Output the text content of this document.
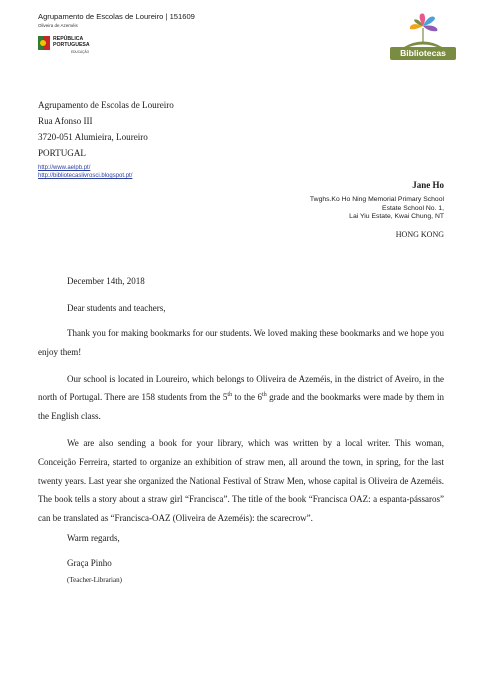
Agrupamento de Escolas de Loureiro | 151609
Oliveira de Azeméis
REPÚBLICA
PORTUGUESA
EDUCAÇÃO	Bibliotecas
Agrupamento de Escolas de Loureiro
Rua Afonso III
3720-051 Alumieira, Loureiro
PORTUGAL
http://www.aelpb.pt/
http://bibliotecaslivrosci.blogspot.pt/
Jane Ho
Twghs.Ko Ho Ning Memorial Primary School
Estate School No. 1,
Lai Yiu Estate, Kwai Chung, NT
HONG KONG
December 14th, 2018
Dear students and teachers,

Thank you for making bookmarks for our students. We loved making these bookmarks and we hope you enjoy them!

Our school is located in Loureiro, which belongs to Oliveira de Azeméis, in the district of Aveiro, in the north of Portugal. There are 158 students from the 5th to the 6th grade and the bookmarks were made by them in the English class.

We are also sending a book for your library, which was written by a local writer. This woman, Conceição Ferreira, started to organize an exhibition of straw men, all around the town, in spring, for the last twenty years. Last year she organized the National Festival of Straw Men, whose capital is Oliveira de Azeméis. The book tells a story about a straw girl “Francisca”. The title of the book “Francisca OAZ: a espanta-pássaros” can be translated as “Francisca-OAZ (Oliveira de Azeméis): the scarecrow”.

Warm regards,
Graça Pinho
(Teacher-Librarian)
